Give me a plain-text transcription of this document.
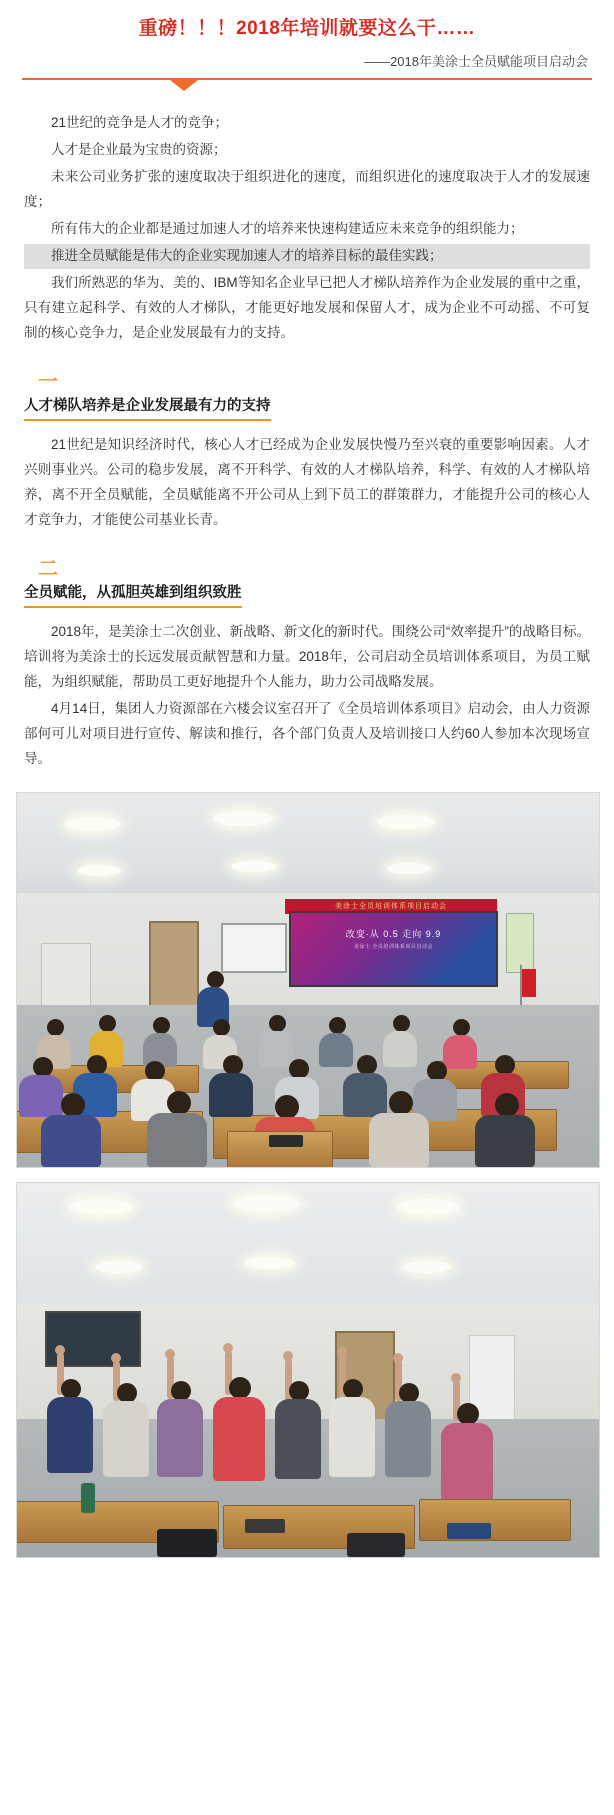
重磅！！！2018年培训就要这么干……
——2018年美涂士全员赋能项目启动会

21世纪的竞争是人才的竞争；

人才是企业最为宝贵的资源；

未来公司业务扩张的速度取决于组织进化的速度，而组织进化的速度取决于人才的发展速度；

所有伟大的企业都是通过加速人才的培养来快速构建适应未来竞争的组织能力；

推进全员赋能是伟大的企业实现加速人才的培养目标的最佳实践；

我们所熟恶的华为、美的、IBM等知名企业早已把人才梯队培养作为企业发展的重中之重，只有建立起科学、有效的人才梯队，才能更好地发展和保留人才，成为企业不可动摇、不可复制的核心竞争力，是企业发展最有力的支持。

一
人才梯队培养是企业发展最有力的支持

21世纪是知识经济时代，核心人才已经成为企业发展快慢乃至兴衰的重要影响因素。人才兴则事业兴。公司的稳步发展，离不开科学、有效的人才梯队培养，科学、有效的人才梯队培养，离不开全员赋能，全员赋能离不开公司从上到下员工的群策群力，才能提升公司的核心人才竞争力，才能使公司基业长青。

二
全员赋能，从孤胆英雄到组织致胜

2018年，是美涂士二次创业、新战略、新文化的新时代。围绕公司“效率提升”的战略目标。培训将为美涂士的长远发展贡献智慧和力量。2018年，公司启动全员培训体系项目，为员工赋能，为组织赋能，帮助员工更好地提升个人能力，助力公司战略发展。

4月14日，集团人力资源部在六楼会议室召开了《全员培训体系项目》启动会，由人力资源部何可儿对项目进行宣传、解读和推行，各个部门负责人及培训接口人约60人参加本次现场宣导。

美涂士全员培训体系项目启动会
改变·从 0.5 走向 9.9
美涂士 全员培训体系项目启动会
